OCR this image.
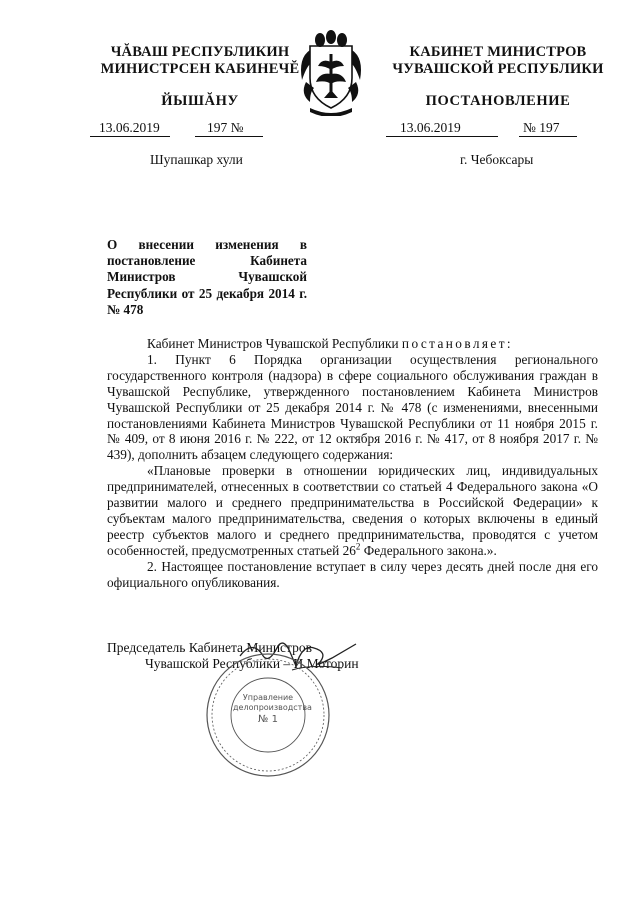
ЧĂВАШ РЕСПУБЛИКИН
МИНИСТРСЕН КАБИНЕЧĔ
ЙЫШĂНУ
13.06.2019	197 №
Шупашкар хули
КАБИНЕТ МИНИСТРОВ
ЧУВАШСКОЙ РЕСПУБЛИКИ
ПОСТАНОВЛЕНИЕ
13.06.2019	№ 197
г. Чебоксары
О внесении изменения в постановление Кабинета Министров Чувашской Республики от 25 декабря 2014 г. № 478

Кабинет Министров Чувашской Республики постановляет:

1. Пункт 6 Порядка организации осуществления регионального государственного контроля (надзора) в сфере социального обслуживания граждан в Чувашской Республике, утвержденного постановлением Кабинета Министров Чувашской Республики от 25 декабря 2014 г. № 478 (с изменениями, внесенными постановлениями Кабинета Министров Чувашской Республики от 11 ноября 2015 г. № 409, от 8 июня 2016 г. № 222, от 12 октября 2016 г. № 417, от 8 ноября 2017 г. № 439), дополнить абзацем следующего содержания:

«Плановые проверки в отношении юридических лиц, индивидуальных предпринимателей, отнесенных в соответствии со статьей 4 Федерального закона «О развитии малого и среднего предпринимательства в Российской Федерации» к субъектам малого предпринимательства, сведения о которых включены в единый реестр субъектов малого и среднего предпринимательства, проводятся с учетом особенностей, предусмотренных статьей $26^2$ Федерального закона.».

2. Настоящее постановление вступает в силу через десять дней после дня его официального опубликования.

Председатель Кабинета Министров
Чувашской Республики – И.Моторин
Управление
делопроизводства
№ 1
